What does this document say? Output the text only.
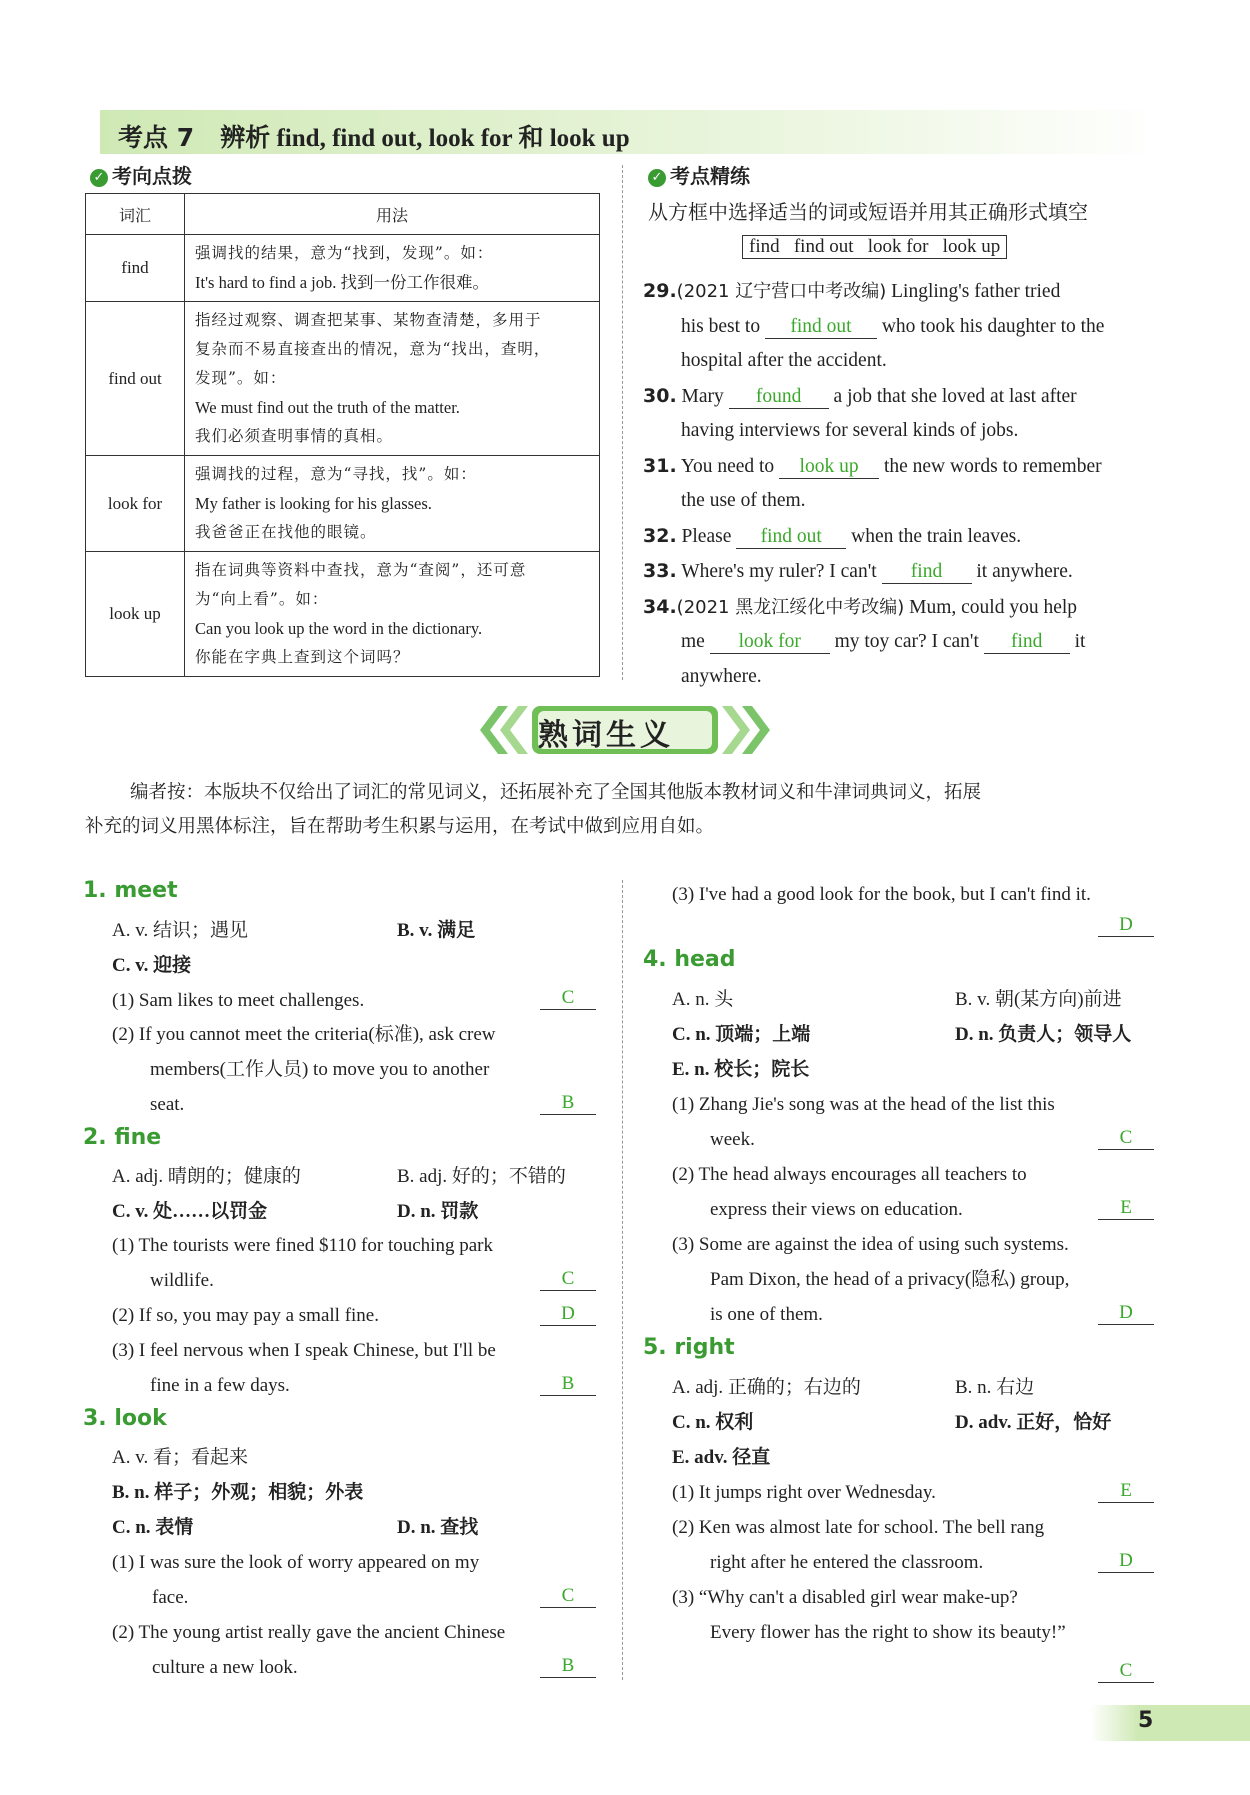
考点 7 辨析 find, find out, look for 和 look up
✓ 考向点拨
词汇	用法
find	强调找的结果，意为“找到，发现”。如：
It's hard to find a job. 找到一份工作很难。

find out	指经过观察、调查把某事、某物查清楚，多用于
复杂而不易直接查出的情况，意为“找出，查明，
发现”。如：
We must find out the truth of the matter.
我们必须查明事情的真相。

look for	强调找的过程，意为“寻找，找”。如：
My father is looking for his glasses.
我爸爸正在找他的眼镜。

look up	指在词典等资料中查找，意为“查阅”，还可意
为“向上看”。如：
Can you look up the word in the dictionary.
你能在字典上查到这个词吗？
✓ 考点精练
从方框中选择适当的词或短语并用其正确形式填空
find   find out   look for   look up
29.(2021 辽宁营口中考改编) Lingling's father tried
his best to find out who took his daughter to the
hospital after the accident.
30. Mary found a job that she loved at last after
having interviews for several kinds of jobs.
31. You need to look up the new words to remember
the use of them.
32. Please find out when the train leaves.
33. Where's my ruler? I can't find it anywhere.
34.(2021 黑龙江绥化中考改编) Mum, could you help
me look for my toy car? I can't find it
anywhere.
熟词生义
编者按：本版块不仅给出了词汇的常见词义，还拓展补充了全国其他版本教材词义和牛津词典词义，拓展
补充的词义用黑体标注，旨在帮助考生积累与运用，在考试中做到应用自如。
1. meet
A. v. 结识；遇见	B. v. 满足
C. v. 迎接
(1) Sam likes to meet challenges.	C
(2) If you cannot meet the criteria(标准), ask crew
members(工作人员) to move you to another
seat.	B
2. fine
A. adj. 晴朗的；健康的	B. adj. 好的；不错的
C. v. 处……以罚金	D. n. 罚款
(1) The tourists were fined $110 for touching park
wildlife.	C
(2) If so, you may pay a small fine.	D
(3) I feel nervous when I speak Chinese, but I'll be
fine in a few days.	B
3. look
A. v. 看；看起来
B. n. 样子；外观；相貌；外表
C. n. 表情	D. n. 查找
(1) I was sure the look of worry appeared on my
face.	C
(2) The young artist really gave the ancient Chinese
culture a new look.	B
(3) I've had a good look for the book, but I can't find it.
D
4. head
A. n. 头	B. v. 朝(某方向)前进
C. n. 顶端；上端	D. n. 负责人；领导人
E. n. 校长；院长
(1) Zhang Jie's song was at the head of the list this
week.	C
(2) The head always encourages all teachers to
express their views on education.	E
(3) Some are against the idea of using such systems.
Pam Dixon, the head of a privacy(隐私) group,
is one of them.	D
5. right
A. adj. 正确的；右边的	B. n. 右边
C. n. 权利	D. adv. 正好，恰好
E. adv. 径直
(1) It jumps right over Wednesday.	E
(2) Ken was almost late for school. The bell rang
right after he entered the classroom.	D
(3) “Why can't a disabled girl wear make-up?
Every flower has the right to show its beauty!”
C
5
